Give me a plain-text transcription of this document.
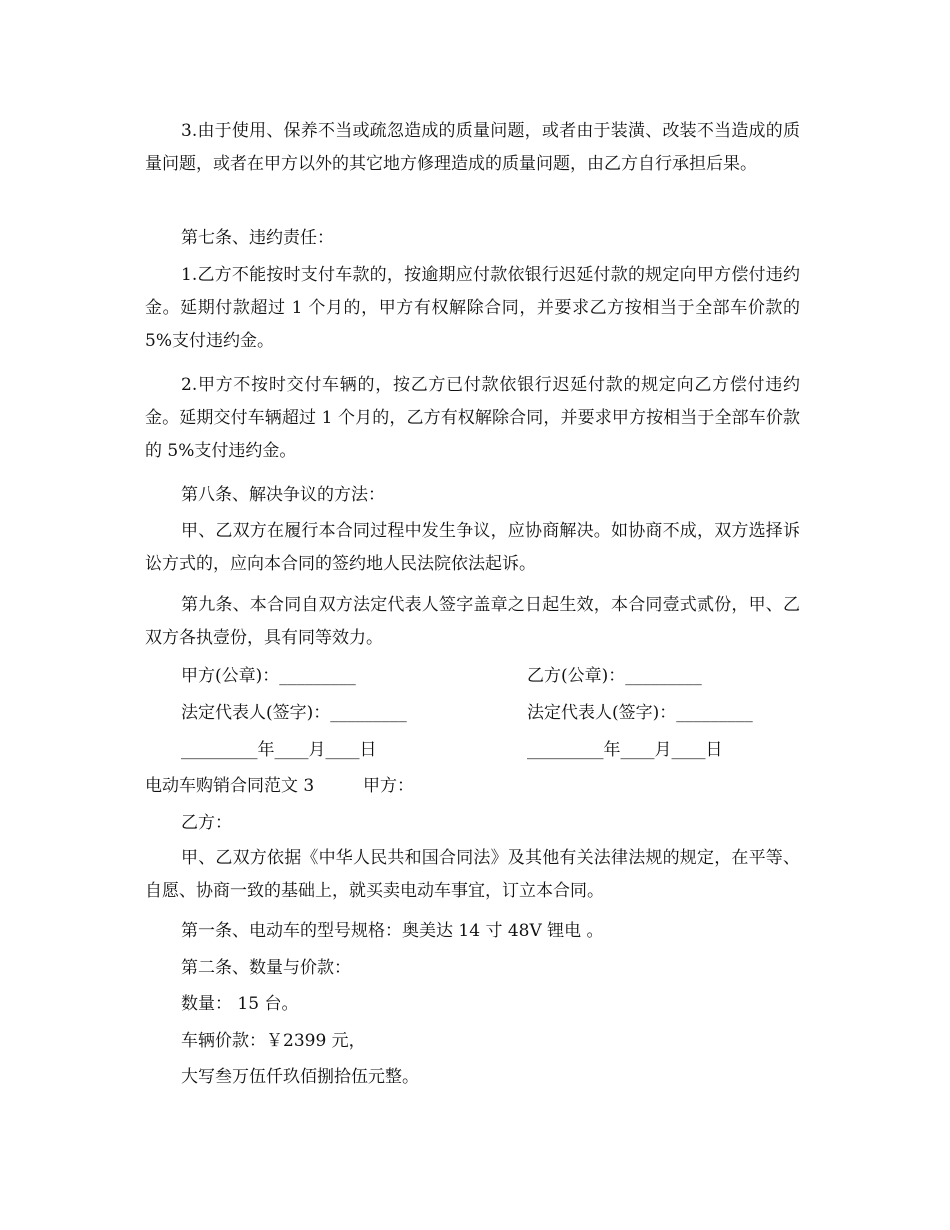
3.由于使用、保养不当或疏忽造成的质量问题，或者由于装潢、改装不当造成的质量问题，或者在甲方以外的其它地方修理造成的质量问题，由乙方自行承担后果。

第七条、违约责任：

1.乙方不能按时支付车款的，按逾期应付款依银行迟延付款的规定向甲方偿付违约金。延期付款超过 1 个月的，甲方有权解除合同，并要求乙方按相当于全部车价款的 5%支付违约金。

2.甲方不按时交付车辆的，按乙方已付款依银行迟延付款的规定向乙方偿付违约金。延期交付车辆超过 1 个月的，乙方有权解除合同，并要求甲方按相当于全部车价款的 5%支付违约金。

第八条、解决争议的方法：

甲、乙双方在履行本合同过程中发生争议，应协商解决。如协商不成，双方选择诉讼方式的，应向本合同的签约地人民法院依法起诉。

第九条、本合同自双方法定代表人签字盖章之日起生效，本合同壹式贰份，甲、乙双方各执壹份，具有同等效力。

甲方(公章)：_________	乙方(公章)：_________
法定代表人(签字)：_________	法定代表人(签字)：_________
_________年____月____日	_________年____月____日
电动车购销合同范文 3	甲方：
乙方：

甲、乙双方依据《中华人民共和国合同法》及其他有关法律法规的规定，在平等、自愿、协商一致的基础上，就买卖电动车事宜，订立本合同。

第一条、电动车的型号规格：奥美达 14 寸 48V 锂电 。
第二条、数量与价款：
数量： 15 台。
车辆价款：￥2399 元，
大写叁万伍仟玖佰捌拾伍元整。
